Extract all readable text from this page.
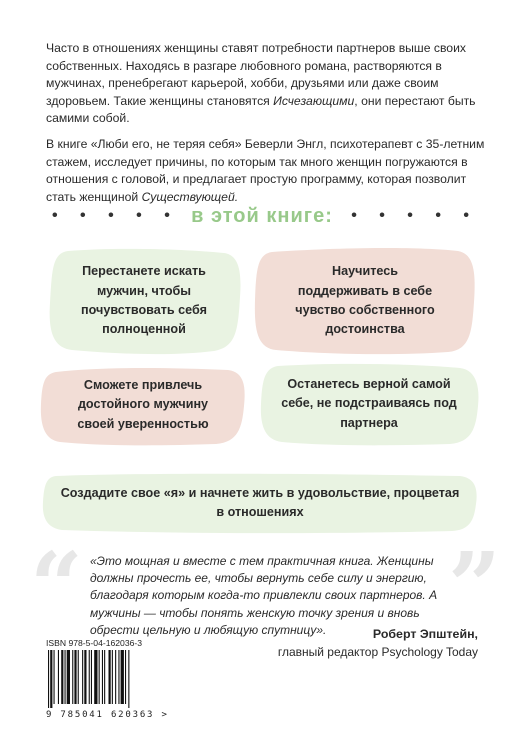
Часто в отношениях женщины ставят потребности партнеров выше своих собственных. Находясь в разгаре любовного романа, растворяются в мужчинах, пренебрегают карьерой, хобби, друзьями или даже своим здоровьем. Такие женщины становятся Исчезающими, они перестают быть самими собой.

В книге «Люби его, не теряя себя» Беверли Энгл, психотерапевт с 35-летним стажем, исследует причины, по которым так много женщин погружаются в отношения с головой, и предлагает простую программу, которая позволит стать женщиной Существующей.

• • • • • в этой книге:	• • • • •
Перестанете искать мужчин, чтобы почувствовать себя полноценной
Научитесь поддерживать в себе чувство собственного достоинства
Сможете привлечь достойного мужчину своей уверенностью
Останетесь верной самой себе, не подстраиваясь под партнера
Создадите свое «я» и начнете жить в удовольствие, процветая в отношениях
“ «Это мощная и вместе с тем практичная книга. Женщины должны прочесть ее, чтобы вернуть себе силу и энергию, благодаря которым когда-то привлекли своих партнеров. А мужчины — чтобы понять женскую точку зрения и вновь обрести цельную и любящую спутницу».	”
Роберт Эпштейн,
главный редактор Psychology Today
ISBN 978-5-04-162036-3
9 785041 620363 >
